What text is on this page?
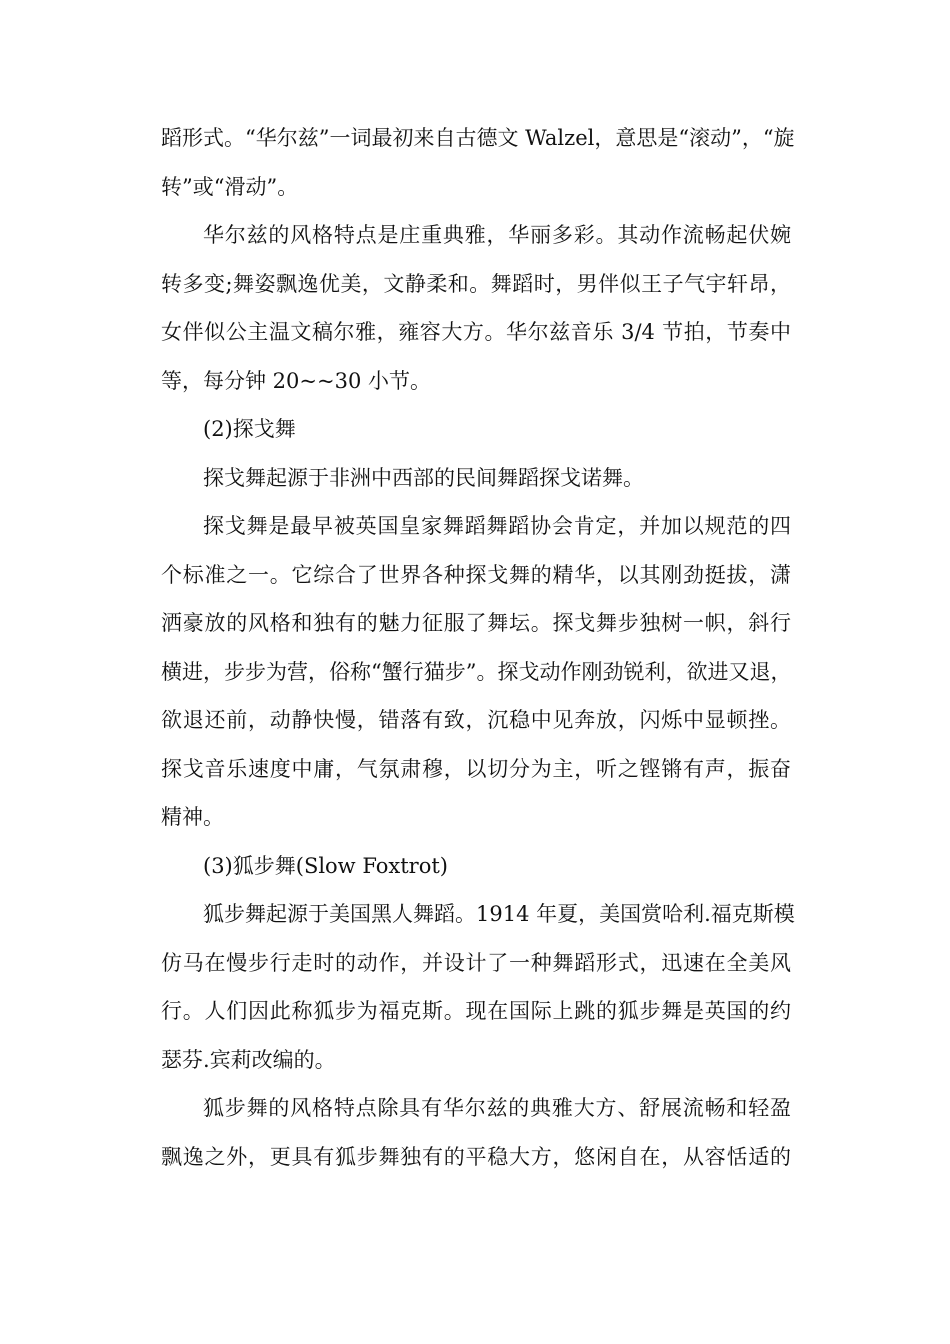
蹈形式。“华尔兹”一词最初来自古德文 Walzel，意思是“滚动”，“旋
转”或“滑动”。
华尔兹的风格特点是庄重典雅，华丽多彩。其动作流畅起伏婉
转多变;舞姿飘逸优美，文静柔和。舞蹈时，男伴似王子气宇轩昂，
女伴似公主温文稿尔雅，雍容大方。华尔兹音乐 3/4 节拍，节奏中
等，每分钟 20~~30 小节。
(2)探戈舞
探戈舞起源于非洲中西部的民间舞蹈探戈诺舞。
探戈舞是最早被英国皇家舞蹈舞蹈协会肯定，并加以规范的四
个标准之一。它综合了世界各种探戈舞的精华，以其刚劲挺拔，潇
洒豪放的风格和独有的魅力征服了舞坛。探戈舞步独树一帜，斜行
横进，步步为营，俗称“蟹行猫步”。探戈动作刚劲锐利，欲进又退，
欲退还前，动静快慢，错落有致，沉稳中见奔放，闪烁中显顿挫。
探戈音乐速度中庸，气氛肃穆，以切分为主，听之铿锵有声，振奋
精神。
(3)狐步舞(Slow Foxtrot)
狐步舞起源于美国黑人舞蹈。1914 年夏，美国赏哈利.福克斯模
仿马在慢步行走时的动作，并设计了一种舞蹈形式，迅速在全美风
行。人们因此称狐步为福克斯。现在国际上跳的狐步舞是英国的约
瑟芬.宾莉改编的。
狐步舞的风格特点除具有华尔兹的典雅大方、舒展流畅和轻盈
飘逸之外，更具有狐步舞独有的平稳大方，悠闲自在，从容恬适的
